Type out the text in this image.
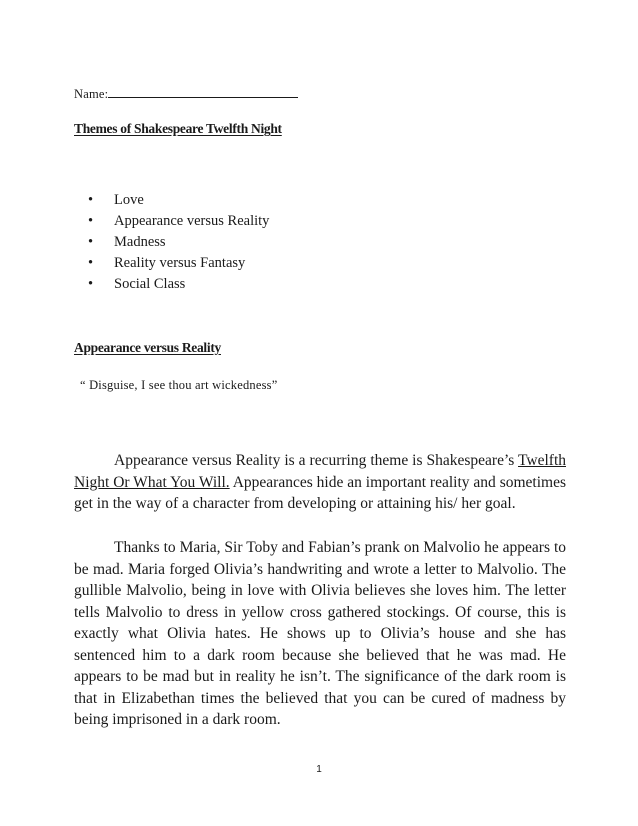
Name:
Themes of Shakespeare Twelfth Night
• Love
• Appearance versus Reality
• Madness
• Reality versus Fantasy
• Social Class
Appearance versus Reality
“ Disguise, I see thou art wickedness”

Appearance versus Reality is a recurring theme is Shakespeare’s Twelfth Night Or What You Will. Appearances hide an important reality and sometimes get in the way of a character from developing or attaining his/ her goal.

Thanks to Maria, Sir Toby and Fabian’s prank on Malvolio he appears to be mad. Maria forged Olivia’s handwriting and wrote a letter to Malvolio. The gullible Malvolio, being in love with Olivia believes she loves him. The letter tells Malvolio to dress in yellow cross gathered stockings. Of course, this is exactly what Olivia hates. He shows up to Olivia’s house and she has sentenced him to a dark room because she believed that he was mad. He appears to be mad but in reality he isn’t. The significance of the dark room is that in Elizabethan times the believed that you can be cured of madness by being imprisoned in a dark room.

1
